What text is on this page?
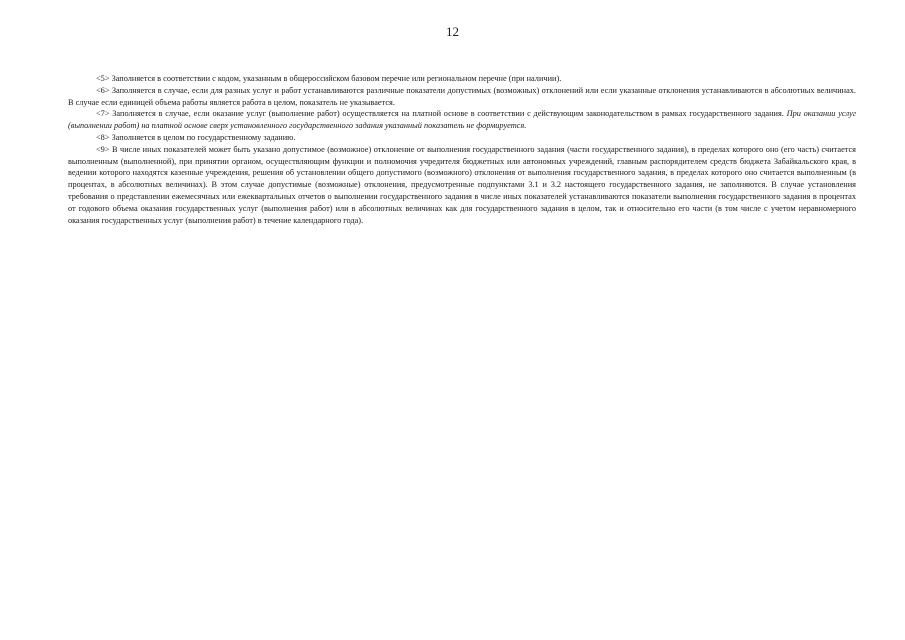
12

<5> Заполняется в соответствии с кодом, указанным в общероссийском базовом перечне или региональном перечне (при наличии).

<6> Заполняется в случае, если для разных услуг и работ устанавливаются различные показатели допустимых (возможных) отклонений или если указанные отклонения устанавливаются в абсолютных величинах. В случае если единицей объема работы является работа в целом, показатель не указывается.

<7> Заполняется в случае, если оказание услуг (выполнение работ) осуществляется на платной основе в соответствии с действующим законодательством в рамках государственного задания. При оказании услуг (выполнении работ) на платной основе сверх установленного государственного задания указанный показатель не формируется.

<8> Заполняется в целом по государственному заданию.

<9> В числе иных показателей может быть указано допустимое (возможное) отклонение от выполнения государственного задания (части государственного задания), в пределах которого оно (его часть) считается выполненным (выполненной), при принятии органом, осуществляющим функции и полномочия учредителя бюджетных или автономных учреждений, главным распорядителем средств бюджета Забайкальского края, в ведении которого находятся казенные учреждения, решения об установлении общего допустимого (возможного) отклонения от выполнения государственного задания, в пределах которого оно считается выполненным (в процентах, в абсолютных величинах). В этом случае допустимые (возможные) отклонения, предусмотренные подпунктами 3.1 и 3.2 настоящего государственного задания, не заполняются. В случае установления требования о представлении ежемесячных или ежеквартальных отчетов о выполнении государственного задания в числе иных показателей устанавливаются показатели выполнения государственного задания в процентах от годового объема оказания государственных услуг (выполнения работ) или в абсолютных величинах как для государственного задания в целом, так и относительно его части (в том числе с учетом неравномерного оказания государственных услуг (выполнения работ) в течение календарного года).
